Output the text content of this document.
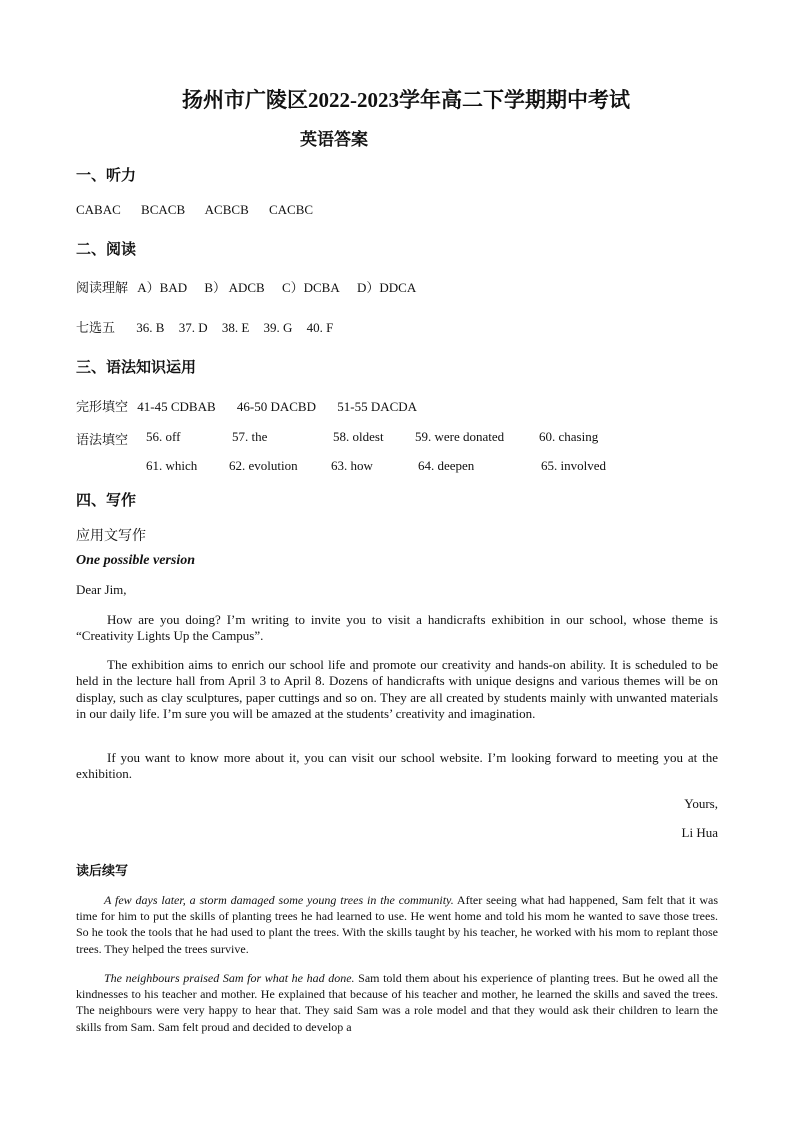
扬州市广陵区2022-2023学年高二下学期期中考试
英语答案
一、听力
CABAC BCACB ACBCB CACBC
二、阅读
阅读理解 A）BAD B） ADCB C）DCBA D）DDCA
七选五 36. B 37. D 38. E 39. G 40. F
三、语法知识运用
完形填空 41-45 CDBAB 46-50 DACBD 51-55 DACDA
语法填空 56. off	57. the	58. oldest 59. were donated	60. chasing
61. which 62. evolution	63. how	64. deepen	65. involved
四、写作
应用文写作
One possible version
Dear Jim,
How are you doing? I’m writing to invite you to visit a handicrafts exhibition in our school, whose theme is “Creativity Lights Up the Campus”.
The exhibition aims to enrich our school life and promote our creativity and hands-on ability. It is scheduled to be held in the lecture hall from April 3 to April 8. Dozens of handicrafts with unique designs and various themes will be on display, such as clay sculptures, paper cuttings and so on. They are all created by students mainly with unwanted materials in our daily life. I’m sure you will be amazed at the students’ creativity and imagination.
If you want to know more about it, you can visit our school website. I’m looking forward to meeting you at the exhibition.
Yours,
Li Hua
读后续写
A few days later, a storm damaged some young trees in the community. After seeing what had happened, Sam felt that it was time for him to put the skills of planting trees he had learned to use. He went home and told his mom he wanted to save those trees. So he took the tools that he had used to plant the trees. With the skills taught by his teacher, he worked with his mom to replant those trees. They helped the trees survive.
The neighbours praised Sam for what he had done. Sam told them about his experience of planting trees. But he owed all the kindnesses to his teacher and mother. He explained that because of his teacher and mother, he learned the skills and saved the trees. The neighbours were very happy to hear that. They said Sam was a role model and that they would ask their children to learn the skills from Sam. Sam felt proud and decided to develop a
